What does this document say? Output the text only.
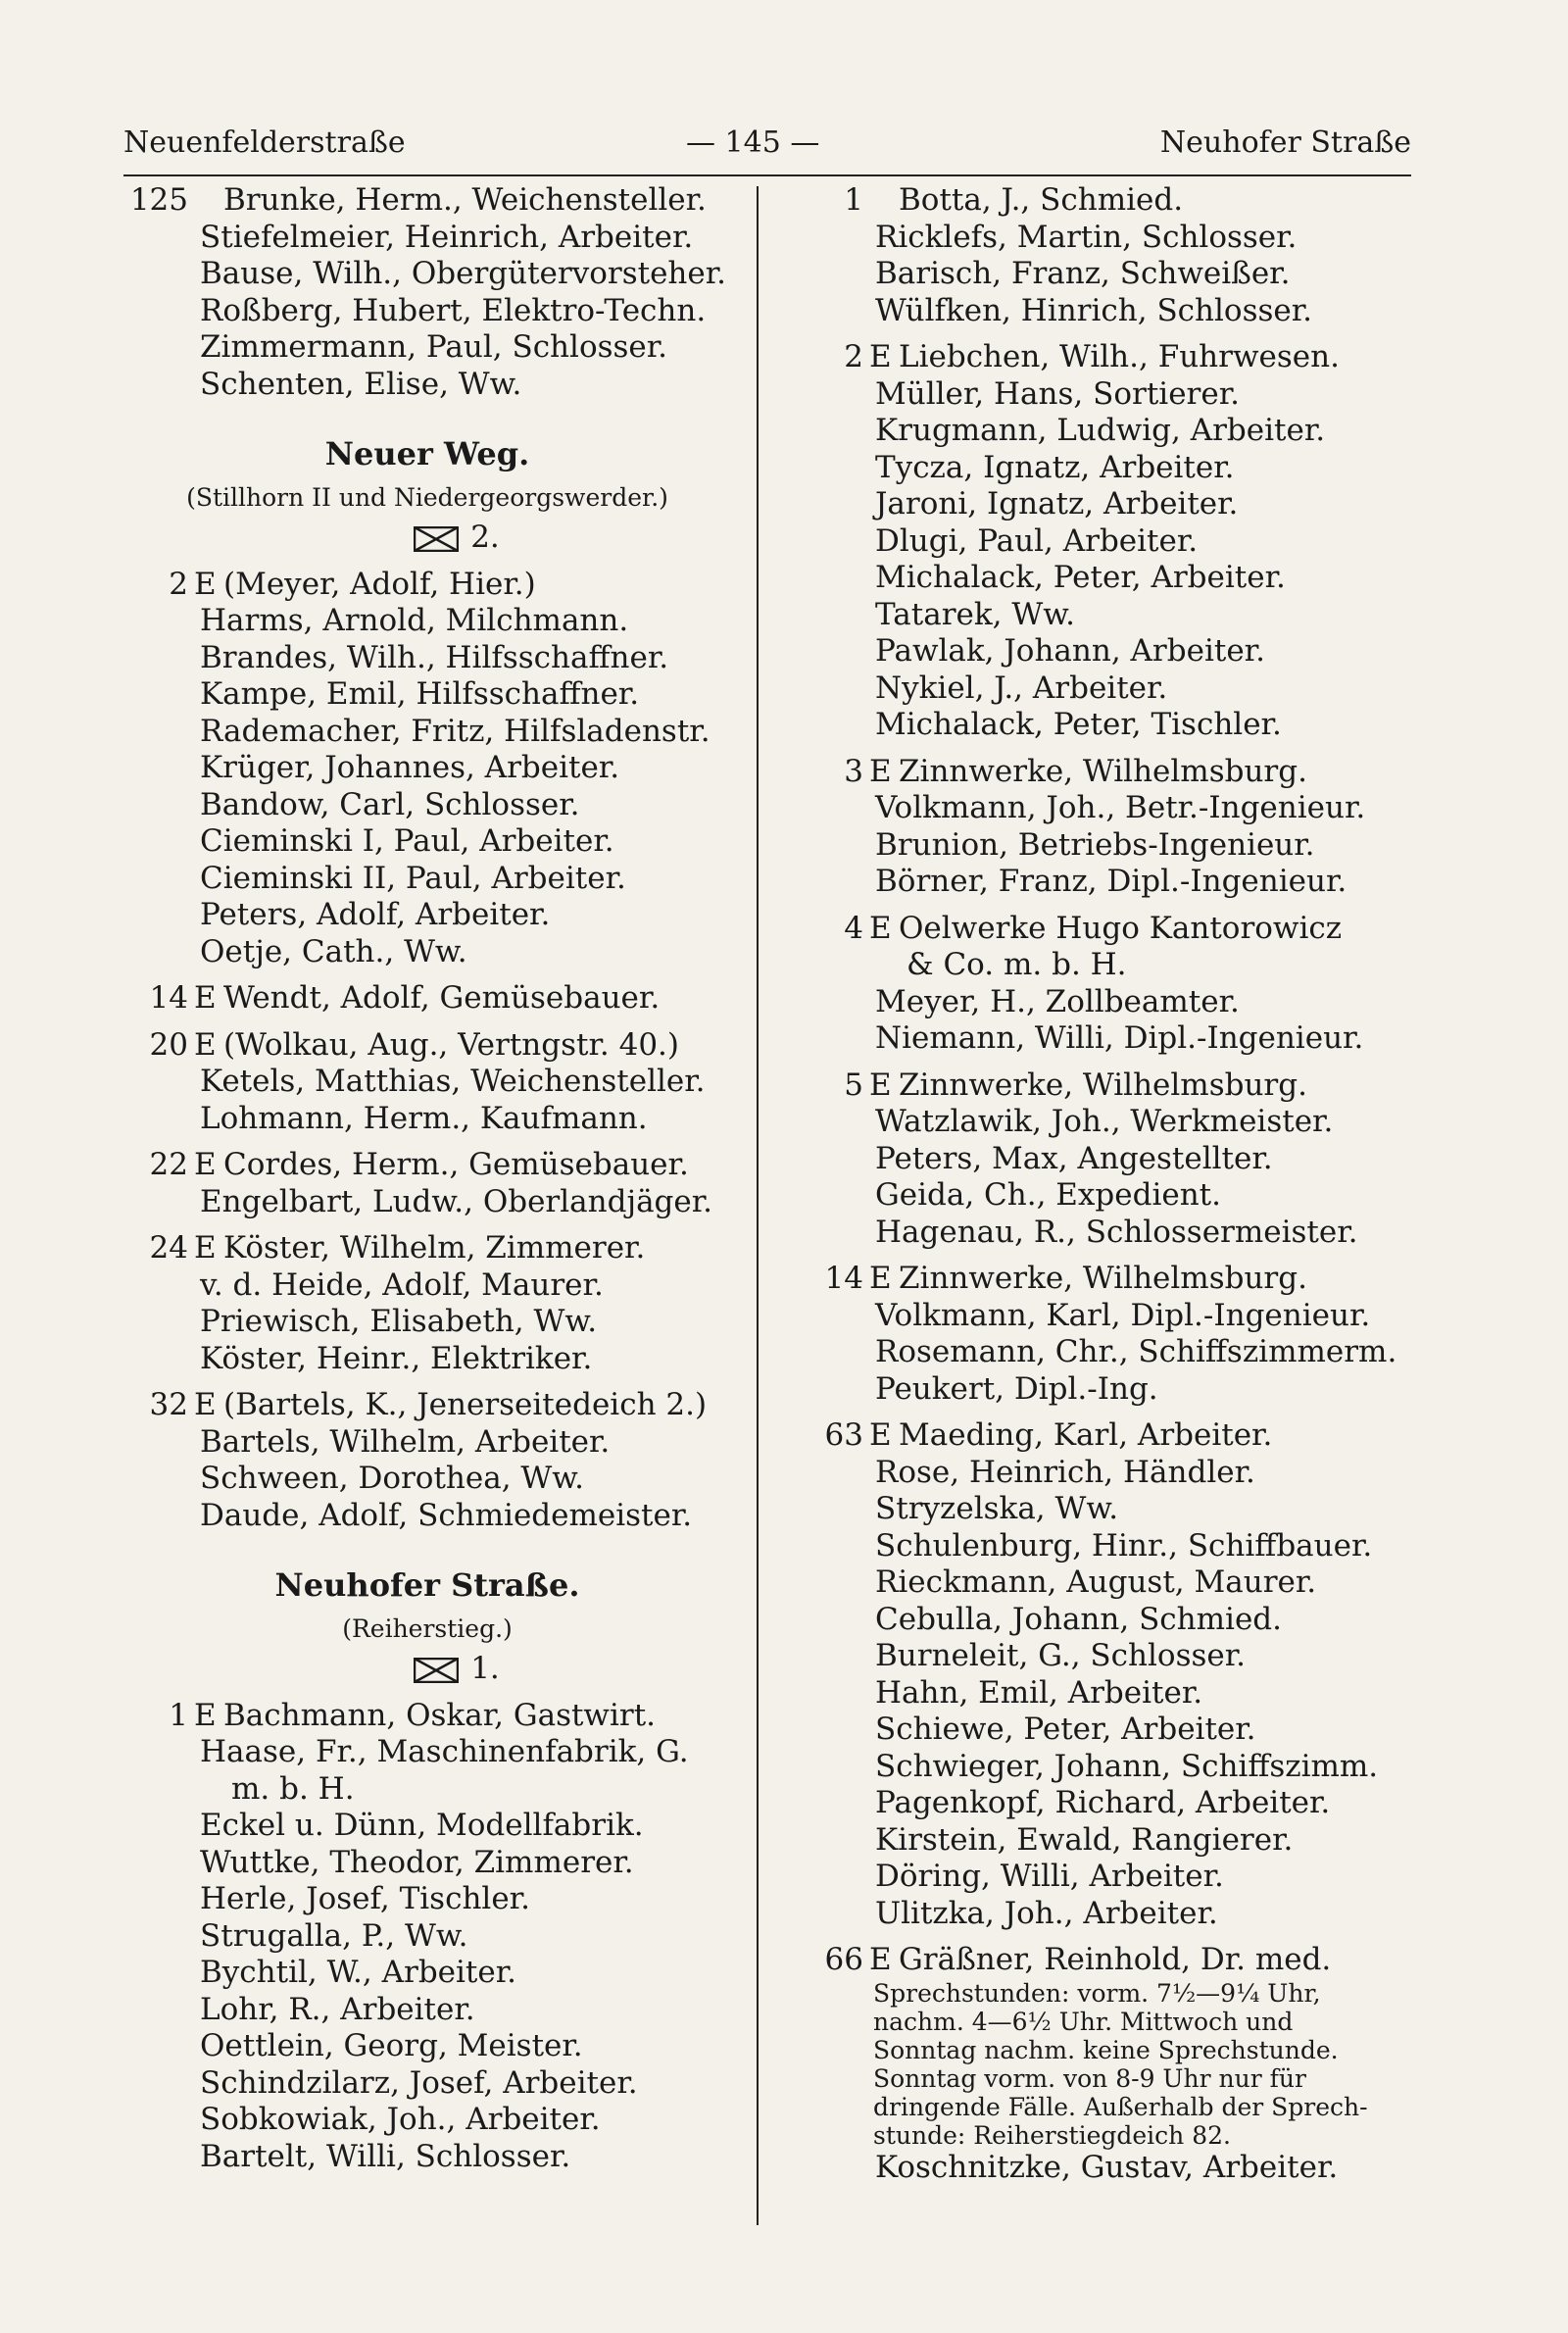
Neuenfelderstraße	— 145 —	Neuhofer Straße
125 Brunke, Herm., Weichensteller.
Stiefelmeier, Heinrich, Arbeiter.
Bause, Wilh., Obergütervorsteher.
Roßberg, Hubert, Elektro-Techn.
Zimmermann, Paul, Schlosser.
Schenten, Elise, Ww.
Neuer Weg.
(Stillhorn II und Niedergeorgswerder.)
2.
2 E (Meyer, Adolf, Hier.)
Harms, Arnold, Milchmann.
Brandes, Wilh., Hilfsschaffner.
Kampe, Emil, Hilfsschaffner.
Rademacher, Fritz, Hilfsladenstr.
Krüger, Johannes, Arbeiter.
Bandow, Carl, Schlosser.
Cieminski I, Paul, Arbeiter.
Cieminski II, Paul, Arbeiter.
Peters, Adolf, Arbeiter.
Oetje, Cath., Ww.
14 E Wendt, Adolf, Gemüsebauer.
20 E (Wolkau, Aug., Vertngstr. 40.)
Ketels, Matthias, Weichensteller.
Lohmann, Herm., Kaufmann.
22 E Cordes, Herm., Gemüsebauer.
Engelbart, Ludw., Oberlandjäger.
24 E Köster, Wilhelm, Zimmerer.
v. d. Heide, Adolf, Maurer.
Priewisch, Elisabeth, Ww.
Köster, Heinr., Elektriker.
32 E (Bartels, K., Jenerseitedeich 2.)
Bartels, Wilhelm, Arbeiter.
Schween, Dorothea, Ww.
Daude, Adolf, Schmiedemeister.
Neuhofer Straße.
(Reiherstieg.)
1.
1 E Bachmann, Oskar, Gastwirt.
Haase, Fr., Maschinenfabrik, G.
m. b. H.
Eckel u. Dünn, Modellfabrik.
Wuttke, Theodor, Zimmerer.
Herle, Josef, Tischler.
Strugalla, P., Ww.
Bychtil, W., Arbeiter.
Lohr, R., Arbeiter.
Oettlein, Georg, Meister.
Schindzilarz, Josef, Arbeiter.
Sobkowiak, Joh., Arbeiter.
Bartelt, Willi, Schlosser.
1 Botta, J., Schmied.
Ricklefs, Martin, Schlosser.
Barisch, Franz, Schweißer.
Wülfken, Hinrich, Schlosser.
2 E Liebchen, Wilh., Fuhrwesen.
Müller, Hans, Sortierer.
Krugmann, Ludwig, Arbeiter.
Tycza, Ignatz, Arbeiter.
Jaroni, Ignatz, Arbeiter.
Dlugi, Paul, Arbeiter.
Michalack, Peter, Arbeiter.
Tatarek, Ww.
Pawlak, Johann, Arbeiter.
Nykiel, J., Arbeiter.
Michalack, Peter, Tischler.
3 E Zinnwerke, Wilhelmsburg.
Volkmann, Joh., Betr.-Ingenieur.
Brunion, Betriebs-Ingenieur.
Börner, Franz, Dipl.-Ingenieur.
4 E Oelwerke Hugo Kantorowicz
& Co. m. b. H.
Meyer, H., Zollbeamter.
Niemann, Willi, Dipl.-Ingenieur.
5 E Zinnwerke, Wilhelmsburg.
Watzlawik, Joh., Werkmeister.
Peters, Max, Angestellter.
Geida, Ch., Expedient.
Hagenau, R., Schlossermeister.
14 E Zinnwerke, Wilhelmsburg.
Volkmann, Karl, Dipl.-Ingenieur.
Rosemann, Chr., Schiffszimmerm.
Peukert, Dipl.-Ing.
63 E Maeding, Karl, Arbeiter.
Rose, Heinrich, Händler.
Stryzelska, Ww.
Schulenburg, Hinr., Schiffbauer.
Rieckmann, August, Maurer.
Cebulla, Johann, Schmied.
Burneleit, G., Schlosser.
Hahn, Emil, Arbeiter.
Schiewe, Peter, Arbeiter.
Schwieger, Johann, Schiffszimm.
Pagenkopf, Richard, Arbeiter.
Kirstein, Ewald, Rangierer.
Döring, Willi, Arbeiter.
Ulitzka, Joh., Arbeiter.
66 E Gräßner, Reinhold, Dr. med.
Sprechstunden: vorm. 7½—9¼ Uhr,
nachm. 4—6½ Uhr. Mittwoch und
Sonntag nachm. keine Sprechstunde.
Sonntag vorm. von 8-9 Uhr nur für
dringende Fälle. Außerhalb der Sprech-
stunde: Reiherstiegdeich 82.
Koschnitzke, Gustav, Arbeiter.
